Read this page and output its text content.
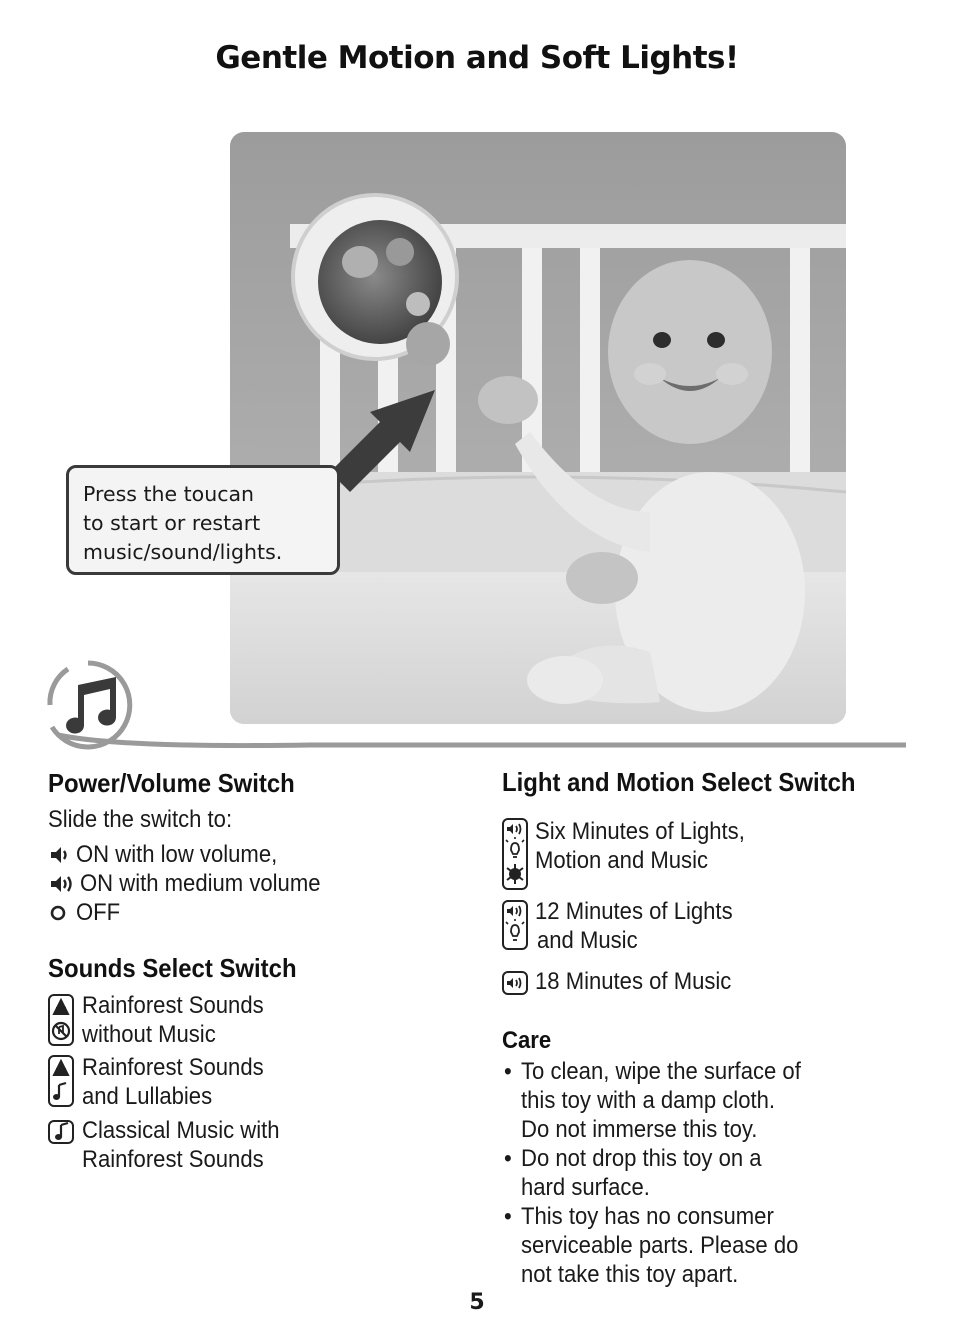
Gentle Motion and Soft Lights!
Press the toucan
to start or restart
music/sound/lights.
Power/Volume Switch
Slide the switch to:
ON with low volume,
ON with medium volume
OFF
Sounds Select Switch
Rainforest Sounds
without Music
Rainforest Sounds
and Lullabies
Classical Music with
Rainforest Sounds
Light and Motion Select Switch
Six Minutes of Lights,
Motion and Music
12 Minutes of Lights
and Music
18 Minutes of Music
Care
• To clean, wipe the surface of
this toy with a damp cloth.
Do not immerse this toy.
• Do not drop this toy on a
hard surface.
• This toy has no consumer
serviceable parts. Please do
not take this toy apart.
5
